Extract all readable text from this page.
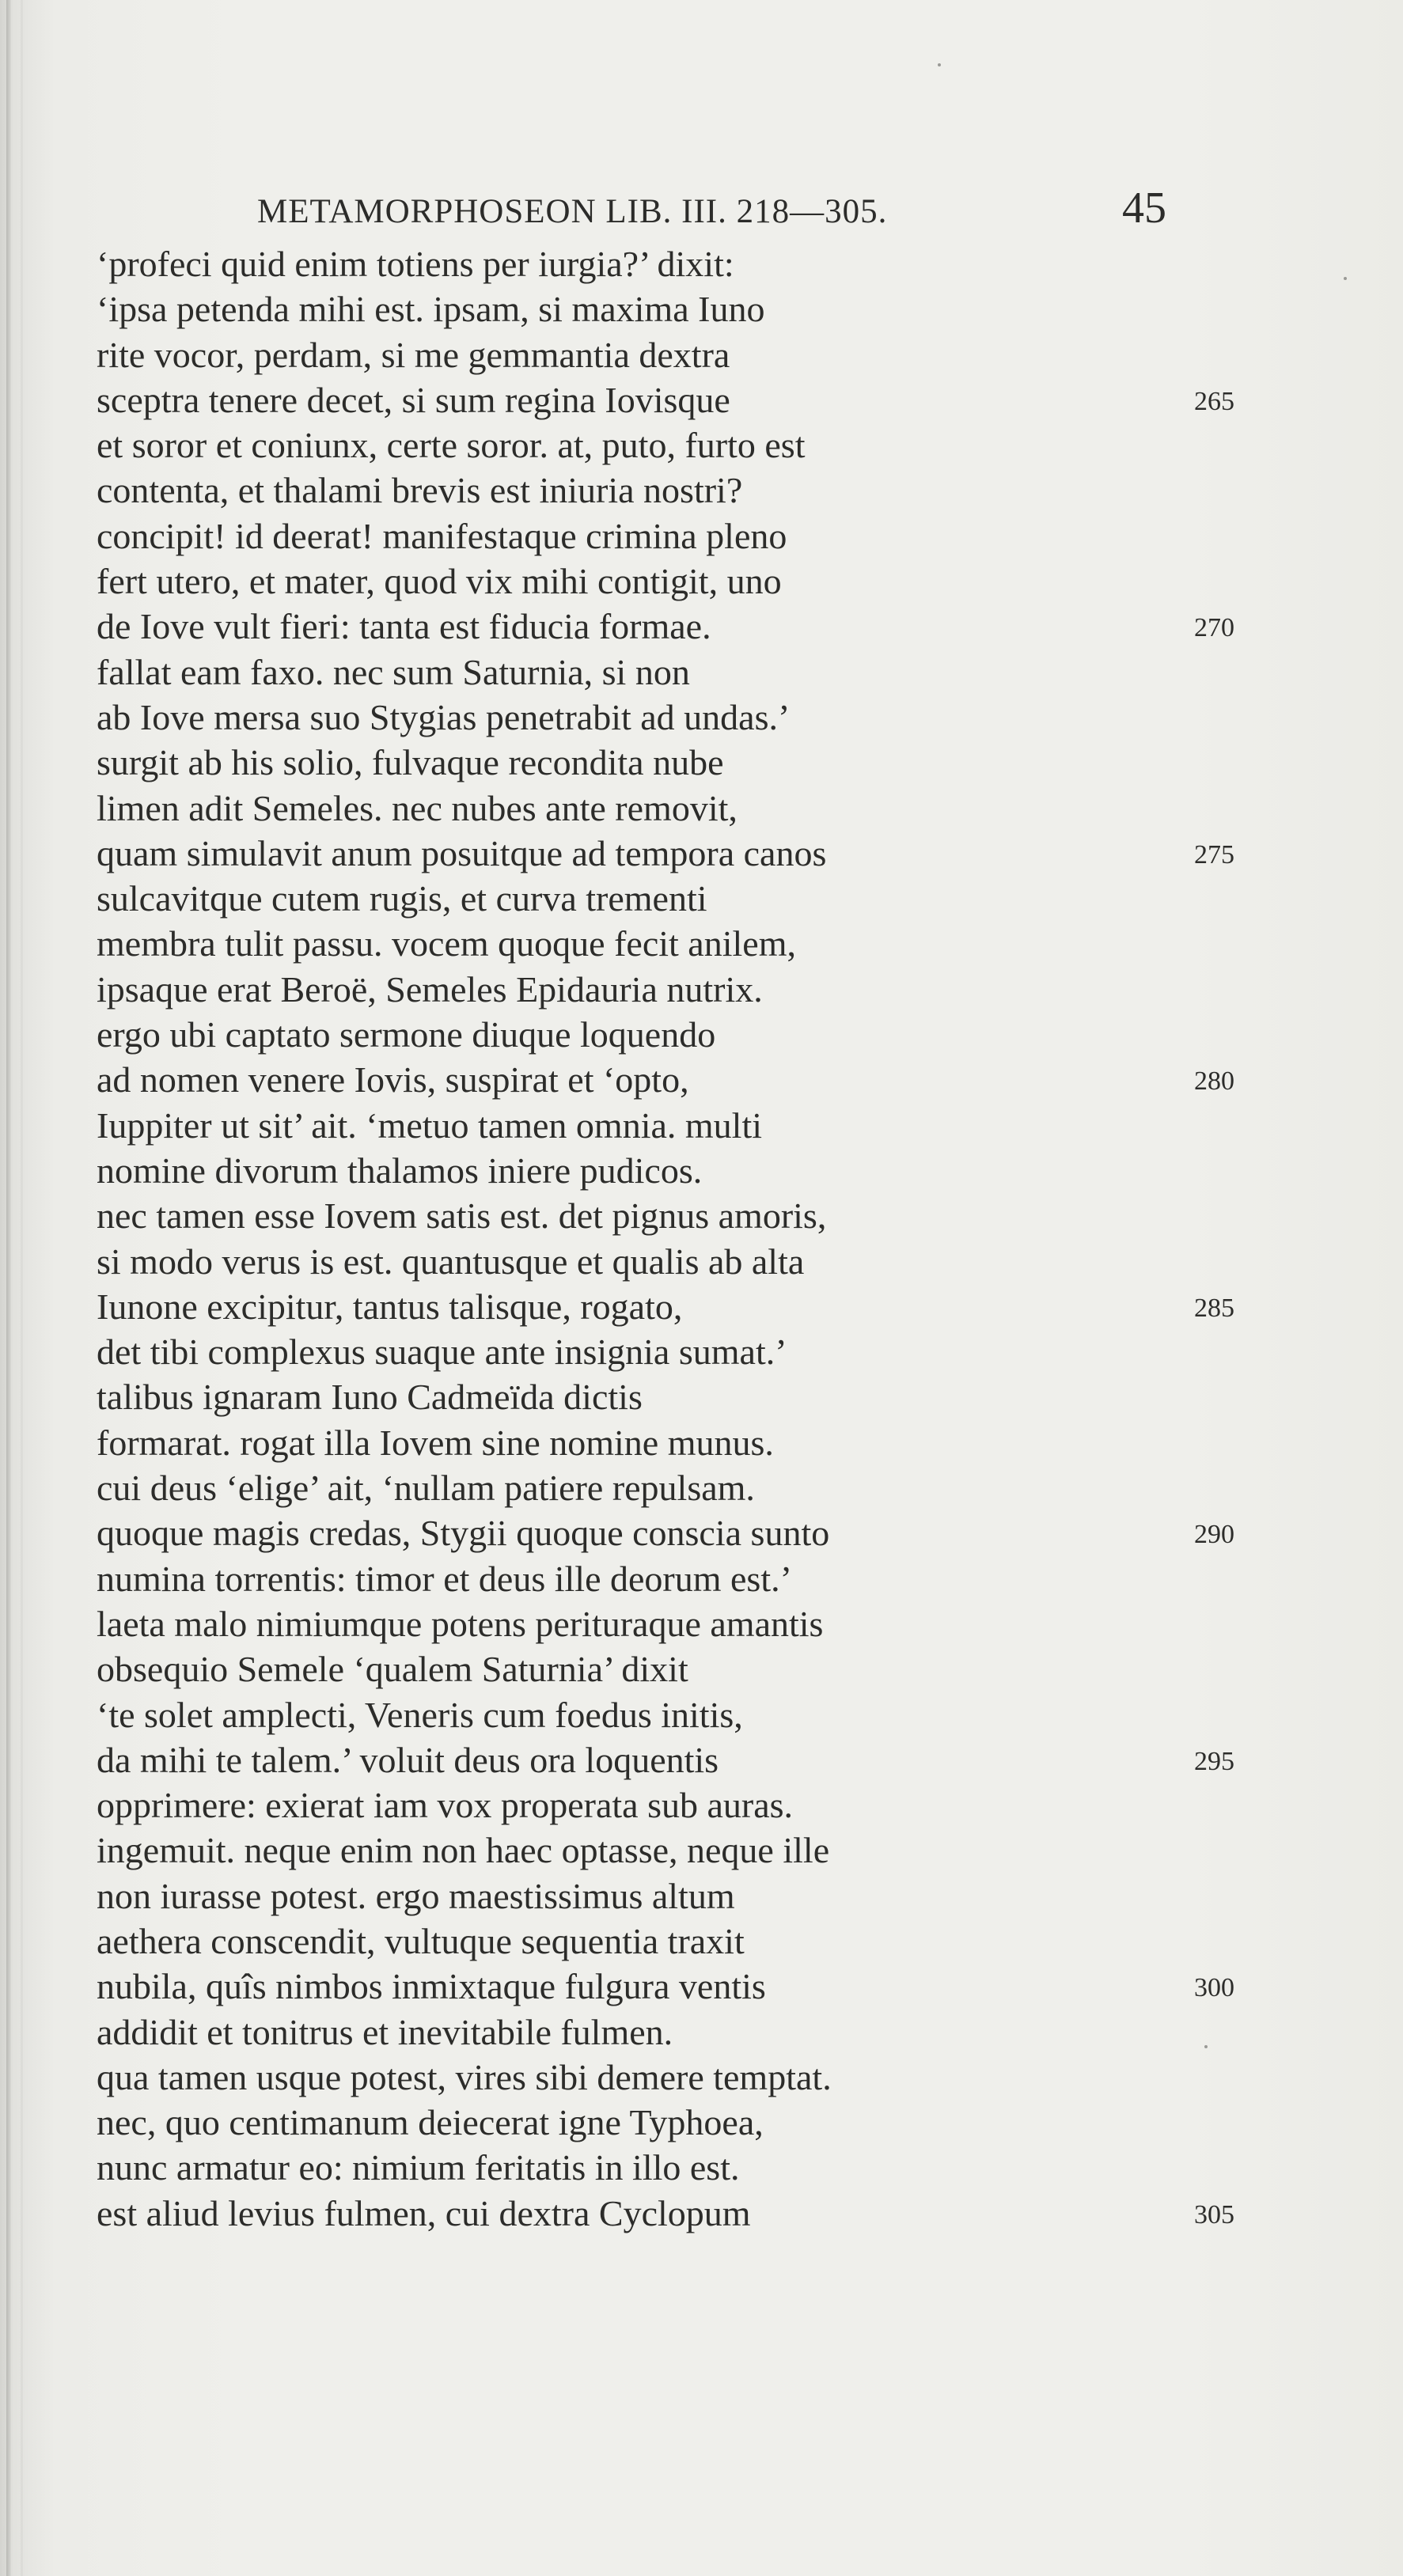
METAMORPHOSEON LIB. III. 218—305.	45
‘profeci quid enim totiens per iurgia?’ dixit:
‘ipsa petenda mihi est. ipsam, si maxima Iuno
rite vocor, perdam, si me gemmantia dextra
sceptra tenere decet, si sum regina Iovisque	265
et soror et coniunx, certe soror. at, puto, furto est
contenta, et thalami brevis est iniuria nostri?
concipit! id deerat! manifestaque crimina pleno
fert utero, et mater, quod vix mihi contigit, uno
de Iove vult fieri: tanta est fiducia formae.	270
fallat eam faxo. nec sum Saturnia, si non
ab Iove mersa suo Stygias penetrabit ad undas.’
surgit ab his solio, fulvaque recondita nube
limen adit Semeles. nec nubes ante removit,
quam simulavit anum posuitque ad tempora canos	275
sulcavitque cutem rugis, et curva trementi
membra tulit passu. vocem quoque fecit anilem,
ipsaque erat Beroë, Semeles Epidauria nutrix.
ergo ubi captato sermone diuque loquendo
ad nomen venere Iovis, suspirat et ‘opto,	280
Iuppiter ut sit’ ait. ‘metuo tamen omnia. multi
nomine divorum thalamos iniere pudicos.
nec tamen esse Iovem satis est. det pignus amoris,
si modo verus is est. quantusque et qualis ab alta
Iunone excipitur, tantus talisque, rogato,	285
det tibi complexus suaque ante insignia sumat.’
talibus ignaram Iuno Cadmeïda dictis
formarat. rogat illa Iovem sine nomine munus.
cui deus ‘elige’ ait, ‘nullam patiere repulsam.
quoque magis credas, Stygii quoque conscia sunto	290
numina torrentis: timor et deus ille deorum est.’
laeta malo nimiumque potens perituraque amantis
obsequio Semele ‘qualem Saturnia’ dixit
‘te solet amplecti, Veneris cum foedus initis,
da mihi te talem.’ voluit deus ora loquentis	295
opprimere: exierat iam vox properata sub auras.
ingemuit. neque enim non haec optasse, neque ille
non iurasse potest. ergo maestissimus altum
aethera conscendit, vultuque sequentia traxit
nubila, quîs nimbos inmixtaque fulgura ventis	300
addidit et tonitrus et inevitabile fulmen.
qua tamen usque potest, vires sibi demere temptat.
nec, quo centimanum deiecerat igne Typhoea,
nunc armatur eo: nimium feritatis in illo est.
est aliud levius fulmen, cui dextra Cyclopum	305
